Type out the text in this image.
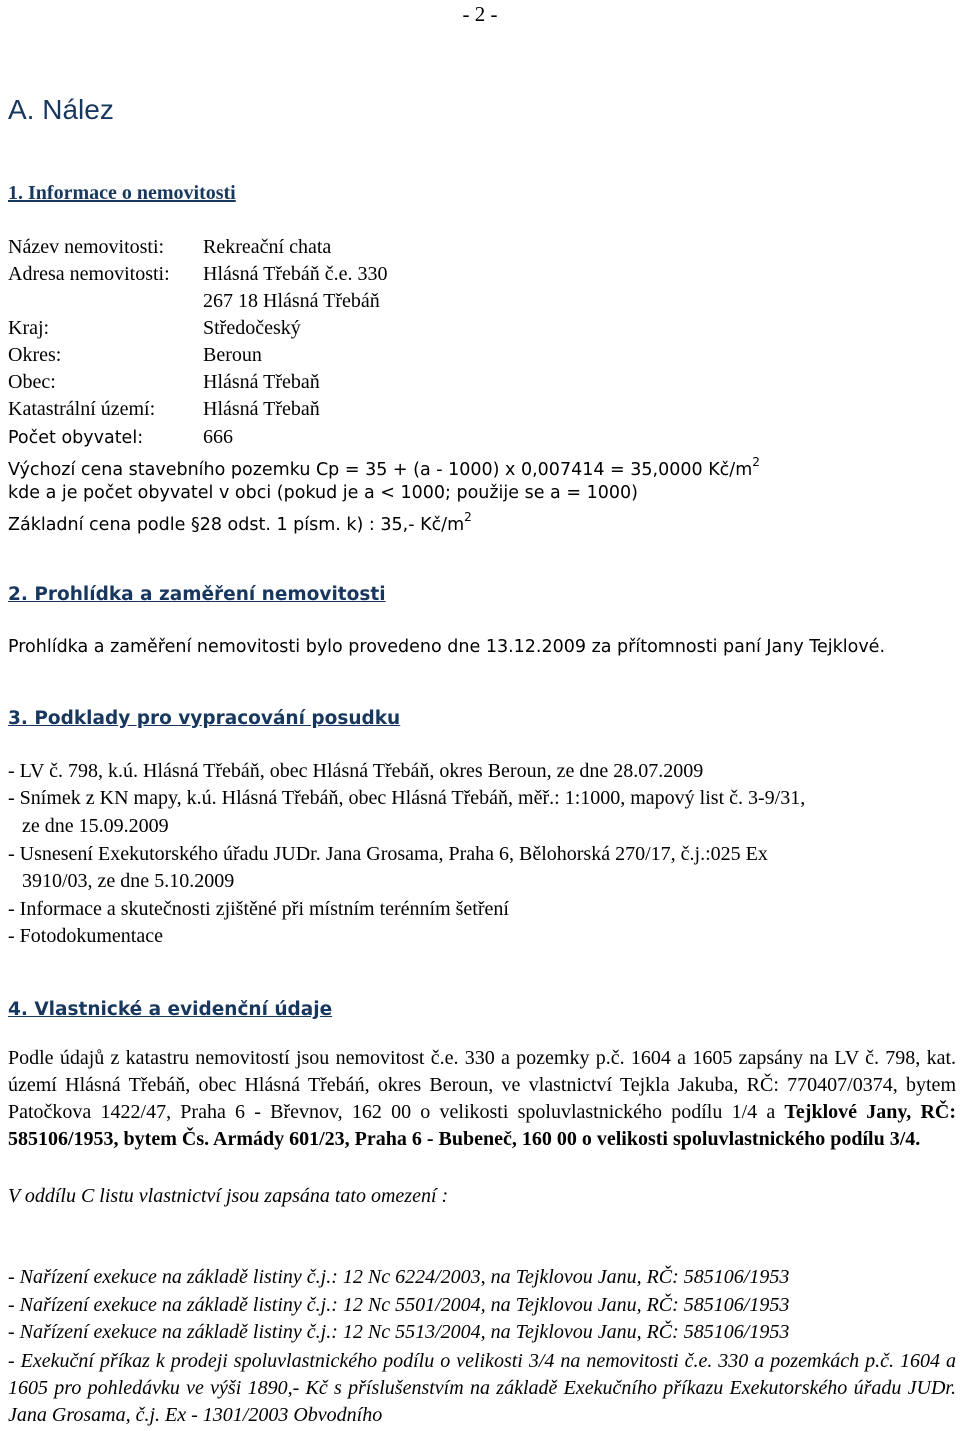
- 2 -
A. Nález
1. Informace o nemovitosti
Název nemovitosti: Rekreační chata
Adresa nemovitosti: Hlásná Třebáň č.e. 330
267 18 Hlásná Třebáň
Kraj:	Středočeský
Okres:	Beroun
Obec:	Hlásná Třebaň
Katastrální území: Hlásná Třebaň
Počet obyvatel:	666
Výchozí cena stavebního pozemku Cp = 35 + (a - 1000) x 0,007414 = 35,0000 $Kč/m^2$
kde a je počet obyvatel v obci (pokud je a < 1000; použije se a = 1000)
Základní cena podle §28 odst. 1 písm. k) : 35,- $Kč/m^2$
2. Prohlídka a zaměření nemovitosti
Prohlídka a zaměření nemovitosti bylo provedeno dne 13.12.2009 za přítomnosti paní Jany Tejklové.
3. Podklady pro vypracování posudku
- LV č. 798, k.ú. Hlásná Třebáň, obec Hlásná Třebáň, okres Beroun, ze dne 28.07.2009
- Snímek z KN mapy, k.ú. Hlásná Třebáň, obec Hlásná Třebáň, měř.: 1:1000, mapový list č. 3-9/31,
ze dne 15.09.2009
- Usnesení Exekutorského úřadu JUDr. Jana Grosama, Praha 6, Bělohorská 270/17, č.j.:025 Ex
3910/03, ze dne 5.10.2009
- Informace a skutečnosti zjištěné při místním terénním šetření
- Fotodokumentace
4. Vlastnické a evidenční údaje
Podle údajů z katastru nemovitostí jsou nemovitost č.e. 330 a pozemky p.č. 1604 a 1605 zapsány na LV č. 798, kat. území Hlásná Třebáň, obec Hlásná Třebáń, okres Beroun, ve vlastnictví Tejkla Jakuba, RČ: 770407/0374, bytem Patočkova 1422/47, Praha 6 - Břevnov, 162 00 o velikosti spoluvlastnického podílu 1/4 a Tejklové Jany, RČ: 585106/1953, bytem Čs. Armády 601/23, Praha 6 - Bubeneč, 160 00 o velikosti spoluvlastnického podílu 3/4.
V oddílu C listu vlastnictví jsou zapsána tato omezení :
- Nařízení exekuce na základě listiny č.j.: 12 Nc 6224/2003, na Tejklovou Janu, RČ: 585106/1953
- Nařízení exekuce na základě listiny č.j.: 12 Nc 5501/2004, na Tejklovou Janu, RČ: 585106/1953
- Nařízení exekuce na základě listiny č.j.: 12 Nc 5513/2004, na Tejklovou Janu, RČ: 585106/1953
- Exekuční příkaz k prodeji spoluvlastnického podílu o velikosti 3/4 na nemovitosti č.e. 330 a pozemkách p.č. 1604 a 1605 pro pohledávku ve výši 1890,- Kč s příslušenstvím na základě Exekučního příkazu Exekutorského úřadu JUDr. Jana Grosama, č.j. Ex - 1301/2003 Obvodního
